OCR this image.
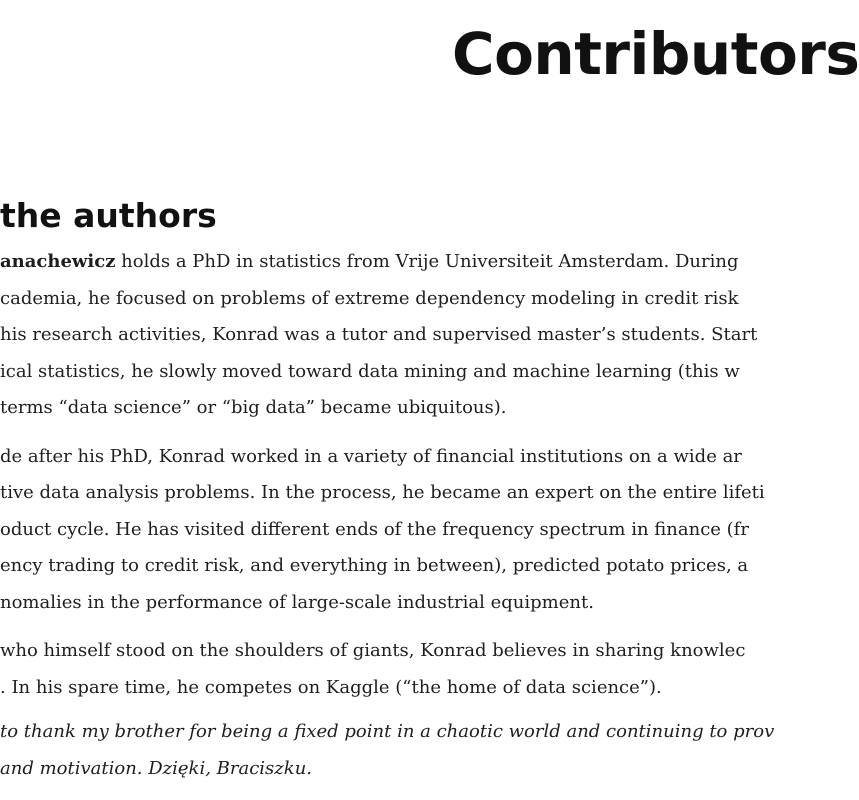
Contributors
the authors

anachewicz holds a PhD in statistics from Vrije Universiteit Amsterdam. During
cademia, he focused on problems of extreme dependency modeling in credit risk
his research activities, Konrad was a tutor and supervised master’s students. Start
ical statistics, he slowly moved toward data mining and machine learning (this w
terms “data science” or “big data” became ubiquitous).

de after his PhD, Konrad worked in a variety of financial institutions on a wide ar
tive data analysis problems. In the process, he became an expert on the entire lifeti
oduct cycle. He has visited different ends of the frequency spectrum in finance (fr
ency trading to credit risk, and everything in between), predicted potato prices, a
nomalies in the performance of large-scale industrial equipment.

who himself stood on the shoulders of giants, Konrad believes in sharing knowlec
. In his spare time, he competes on Kaggle (“the home of data science”).

to thank my brother for being a fixed point in a chaotic world and continuing to prov
and motivation. Dzięki, Braciszku.
